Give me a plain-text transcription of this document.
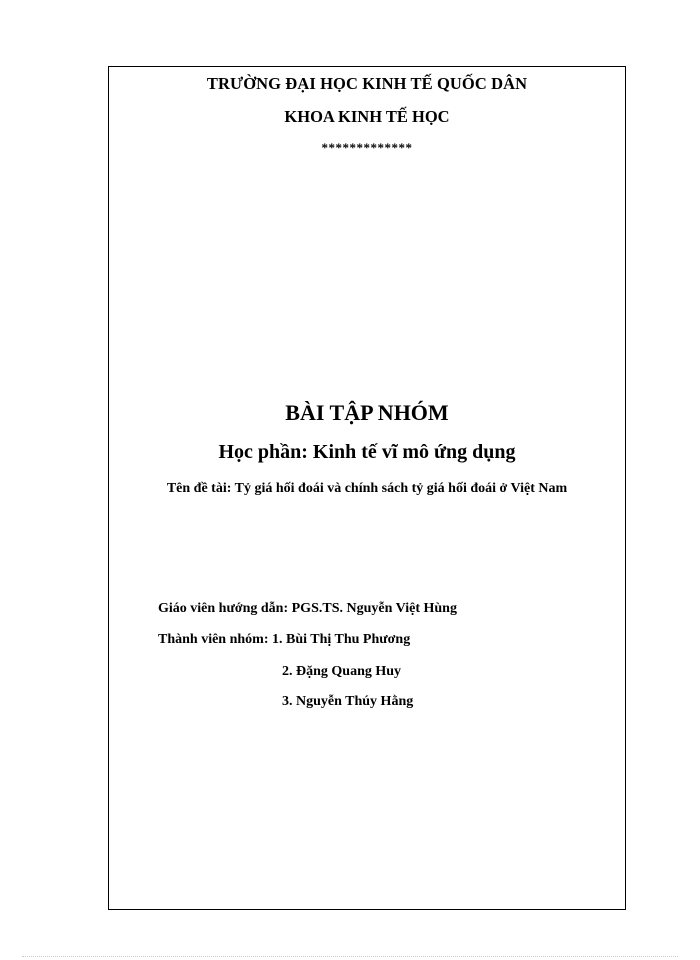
TRƯỜNG ĐẠI HỌC KINH TẾ QUỐC DÂN
KHOA KINH TẾ HỌC
*************
BÀI TẬP NHÓM
Học phần: Kinh tế vĩ mô ứng dụng
Tên đề tài: Tỷ giá hối đoái và chính sách tỷ giá hối đoái ở Việt Nam
Giáo viên hướng dẫn: PGS.TS. Nguyễn Việt Hùng
Thành viên nhóm: 1. Bùi Thị Thu Phương
2. Đặng Quang Huy
3. Nguyễn Thúy Hằng
